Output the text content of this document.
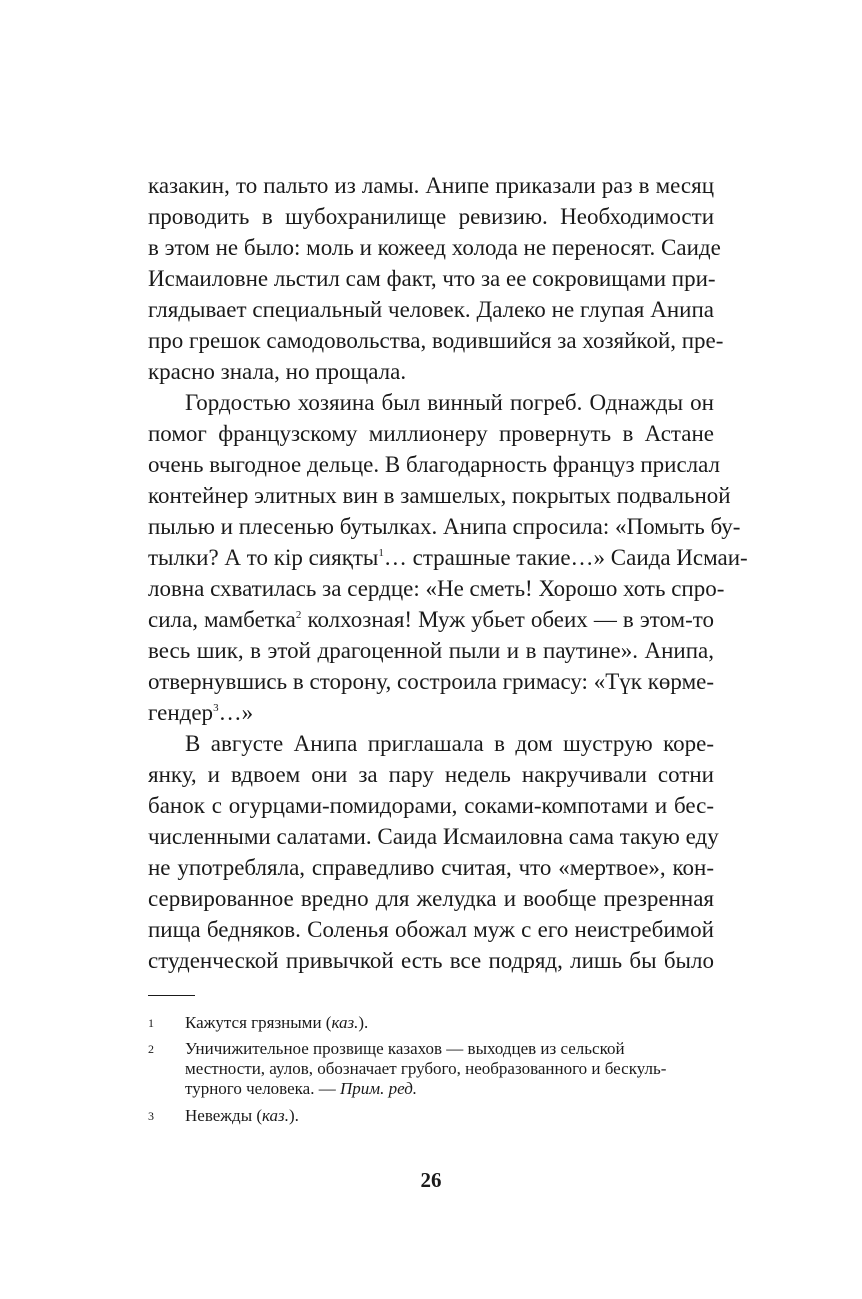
казакин, то пальто из ламы. Анипе приказали раз в месяц
проводить в шубохранилище ревизию. Необходимости
в этом не было: моль и кожеед холода не переносят. Саиде
Исмаиловне льстил сам факт, что за ее сокровищами при-
глядывает специальный человек. Далеко не глупая Анипа
про грешок самодовольства, водившийся за хозяйкой, пре-
красно знала, но прощала.
Гордостью хозяина был винный погреб. Однажды он
помог французскому миллионеру провернуть в Астане
очень выгодное дельце. В благодарность француз прислал
контейнер элитных вин в замшелых, покрытых подвальной
пылью и плесенью бутылках. Анипа спросила: «Помыть бу-
тылки? А то кір сияқты$^1$… страшные такие…» Саида Исмаи-
ловна схватилась за сердце: «Не сметь! Хорошо хоть спро-
сила, мамбетка$^2$ колхозная! Муж убьет обеих — в этом-то
весь шик, в этой драгоценной пыли и в паутине». Анипа,
отвернувшись в сторону, состроила гримасу: «Түк көрме-
гендер$^3$…»
В августе Анипа приглашала в дом шуструю коре-
янку, и вдвоем они за пару недель накручивали сотни
банок с огурцами-помидорами, соками-компотами и бес-
численными салатами. Саида Исмаиловна сама такую еду
не употребляла, справедливо считая, что «мертвое», кон-
сервированное вредно для желудка и вообще презренная
пища бедняков. Соленья обожал муж с его неистребимой
студенческой привычкой есть все подряд, лишь бы было
1 Кажутся грязными (каз.).
2 Уничижительное прозвище казахов — выходцев из сельской
местности, аулов, обозначает грубого, необразованного и бескуль-
турного человека. — Прим. ред.
3 Невежды (каз.).
26
